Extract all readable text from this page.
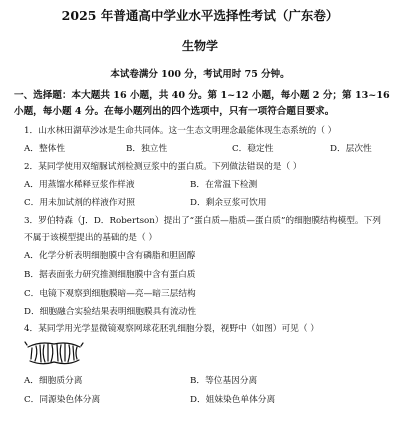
2025 年普通高中学业水平选择性考试（广东卷）
生物学
本试卷满分 100 分，考试用时 75 分钟。
一、选择题：本大题共 16 小题，共 40 分。第 1~12 小题，每小题 2 分；第 13~16
小题，每小题 4 分。在每小题列出的四个选项中，只有一项符合题目要求。
1．山水林田湖草沙冰是生命共同体。这一生态文明理念最能体现生态系统的（ ）
A．整体性	B．独立性	C．稳定性	D．层次性
2．某同学使用双缩脲试剂检测豆浆中的蛋白质。下列做法错误的是（ ）
A．用蒸馏水稀释豆浆作样液	B．在常温下检测
C．用未加试剂的样液作对照	D．剩余豆浆可饮用
3．罗伯特森（J．D．Robertson）提出了“蛋白质—脂质—蛋白质”的细胞膜结构模型。下列
不属于该模型提出的基础的是（ ）
A．化学分析表明细胞膜中含有磷脂和胆固醇
B．据表面张力研究推测细胞膜中含有蛋白质
C．电镜下观察到细胞膜暗—亮—暗三层结构
D．细胞融合实验结果表明细胞膜具有流动性
4．某同学用光学显微镜观察网球花胚乳细胞分裂，视野中（如图）可见（ ）
A．细胞质分离	B．等位基因分离
C．同源染色体分离	D．姐妹染色单体分离
